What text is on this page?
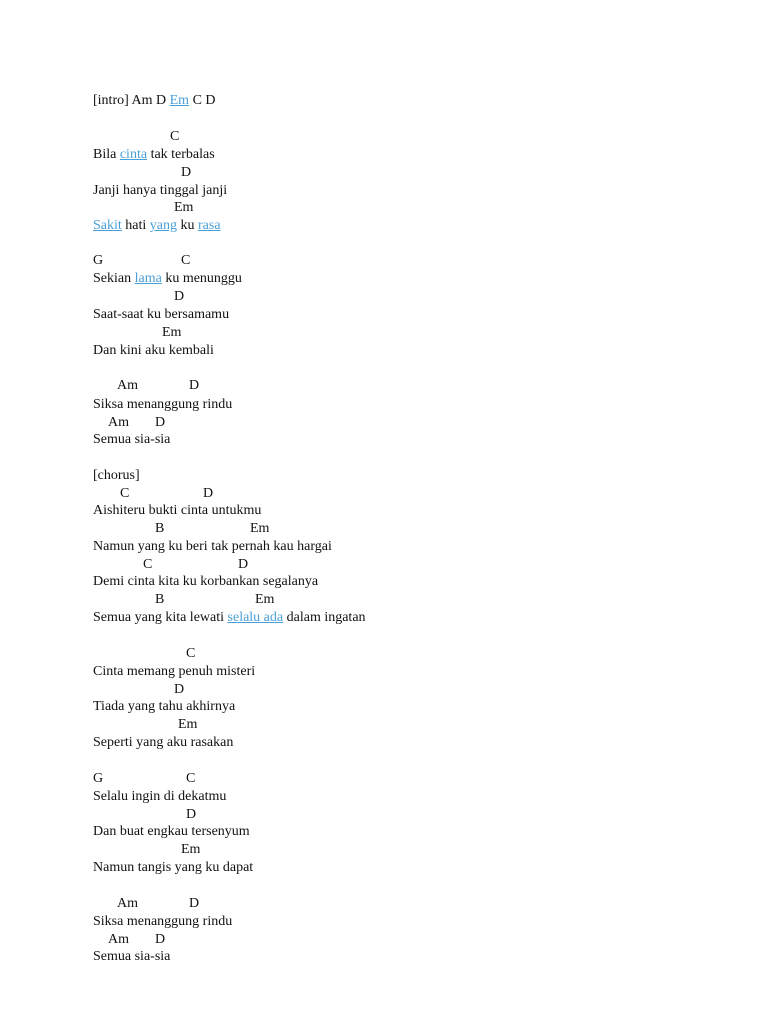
[intro] Am D Em C D
C
Bila cinta tak terbalas
D
Janji hanya tinggal janji
Em
Sakit hati yang ku rasa
G	C
Sekian lama ku menunggu
D
Saat-saat ku bersamamu
Em
Dan kini aku kembali
Am	D
Siksa menanggung rindu
Am D
Semua sia-sia
[chorus]
C	D
Aishiteru bukti cinta untukmu
B	Em
Namun yang ku beri tak pernah kau hargai
C	D
Demi cinta kita ku korbankan segalanya
B	Em
Semua yang kita lewati selalu ada dalam ingatan
C
Cinta memang penuh misteri
D
Tiada yang tahu akhirnya
Em
Seperti yang aku rasakan
G	C
Selalu ingin di dekatmu
D
Dan buat engkau tersenyum
Em
Namun tangis yang ku dapat
Am	D
Siksa menanggung rindu
Am D
Semua sia-sia
